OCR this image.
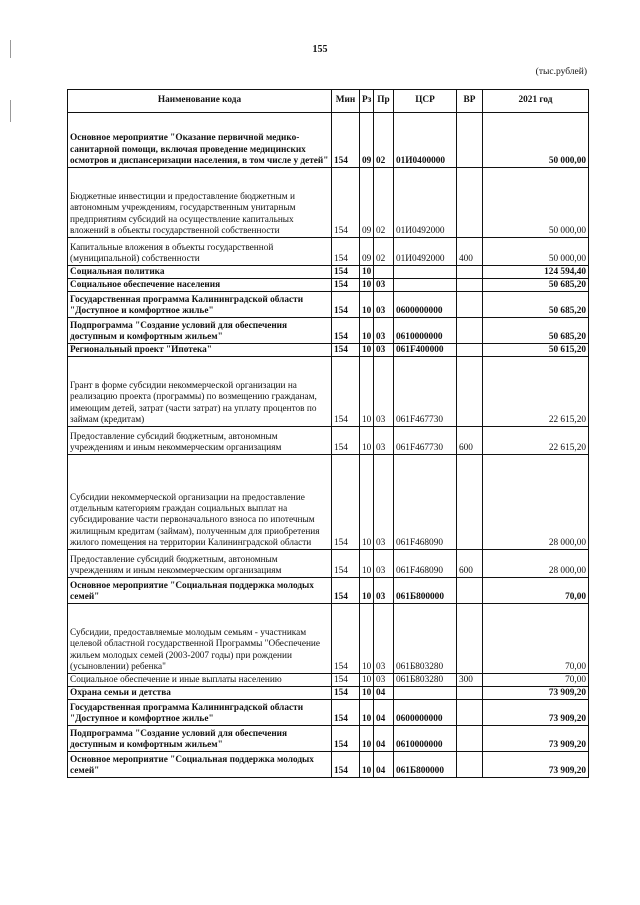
155
(тыс.рублей)
Наименование кода	Мин	Рз	Пр	ЦСР	ВР	2021 год
Основное мероприятие "Оказание первичной медико-санитарной помощи, включая проведение медицинских осмотров и диспансеризации населения, в том числе у детей"	154	09	02	01И0400000		50 000,00
Бюджетные инвестиции и предоставление бюджетным и автономным учреждениям, государственным унитарным предприятиям субсидий на осуществление капитальных вложений в объекты государственной собственности	154	09	02	01И0492000		50 000,00
Капитальные вложения в объекты государственной (муниципальной) собственности	154	09	02	01И0492000	400	50 000,00
Социальная политика	154	10				124 594,40
Социальное обеспечение населения	154	10	03			50 685,20
Государственная программа Калининградской области "Доступное и комфортное жилье"	154	10	03	0600000000		50 685,20
Подпрограмма "Создание условий для обеспечения доступным и комфортным жильем"	154	10	03	0610000000		50 685,20
Региональный проект "Ипотека"	154	10	03	061F400000		50 615,20
Грант в форме субсидии некоммерческой организации на реализацию проекта (программы) по возмещению гражданам, имеющим детей, затрат (части затрат) на уплату процентов по займам (кредитам)	154	10	03	061F467730		22 615,20
Предоставление субсидий бюджетным, автономным учреждениям и иным некоммерческим организациям	154	10	03	061F467730	600	22 615,20
Субсидии некоммерческой организации на предоставление отдельным категориям граждан социальных выплат на субсидирование части первоначального взноса по ипотечным жилищным кредитам (займам), полученным для приобретения жилого помещения на территории Калининградской области	154	10	03	061F468090		28 000,00
Предоставление субсидий бюджетным, автономным учреждениям и иным некоммерческим организациям	154	10	03	061F468090	600	28 000,00
Основное мероприятие "Социальная поддержка молодых семей"	154	10	03	061Б800000		70,00
Субсидии, предоставляемые молодым семьям - участникам целевой областной государственной Программы "Обеспечение жильем молодых семей (2003-2007 годы) при рождении (усыновлении) ребенка"	154	10	03	061Б803280		70,00
Социальное обеспечение и иные выплаты населению	154	10	03	061Б803280	300	70,00
Охрана семьи и детства	154	10	04			73 909,20
Государственная программа Калининградской области "Доступное и комфортное жилье"	154	10	04	0600000000		73 909,20
Подпрограмма "Создание условий для обеспечения доступным и комфортным жильем"	154	10	04	0610000000		73 909,20
Основное мероприятие "Социальная поддержка молодых семей"	154	10	04	061Б800000		73 909,20
